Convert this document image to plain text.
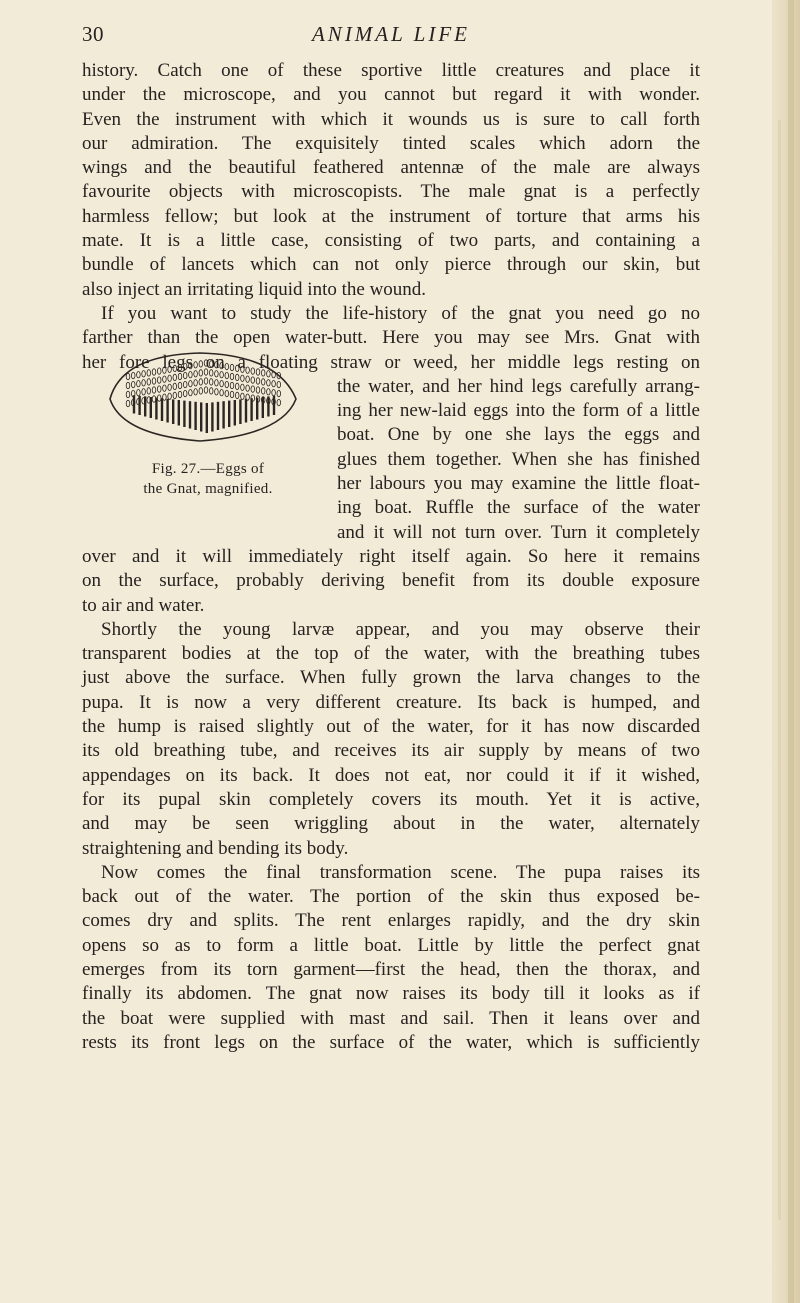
30	ANIMAL LIFE
Fig. 27.—Eggs of
the Gnat, magnified.
history. Catch one of these sportive little creatures and place it
under the microscope, and you cannot but regard it with wonder.
Even the instrument with which it wounds us is sure to call forth
our admiration. The exquisitely tinted scales which adorn the
wings and the beautiful feathered antennæ of the male are always
favourite objects with microscopists. The male gnat is a perfectly
harmless fellow; but look at the instrument of torture that arms his
mate. It is a little case, consisting of two parts, and containing a
bundle of lancets which can not only pierce through our skin, but
also inject an irritating liquid into the wound.
If you want to study the life-history of the gnat you need go no
farther than the open water-butt. Here you may see Mrs. Gnat with
her fore legs on a floating straw or weed, her middle legs resting on
the water, and her hind legs carefully arrang-
ing her new-laid eggs into the form of a little
boat. One by one she lays the eggs and
glues them together. When she has finished
her labours you may examine the little float-
ing boat. Ruffle the surface of the water
and it will not turn over. Turn it completely
over and it will immediately right itself again. So here it remains
on the surface, probably deriving benefit from its double exposure
to air and water.
Shortly the young larvæ appear, and you may observe their
transparent bodies at the top of the water, with the breathing tubes
just above the surface. When fully grown the larva changes to the
pupa. It is now a very different creature. Its back is humped, and
the hump is raised slightly out of the water, for it has now discarded
its old breathing tube, and receives its air supply by means of two
appendages on its back. It does not eat, nor could it if it wished,
for its pupal skin completely covers its mouth. Yet it is active,
and may be seen wriggling about in the water, alternately
straightening and bending its body.
Now comes the final transformation scene. The pupa raises its
back out of the water. The portion of the skin thus exposed be-
comes dry and splits. The rent enlarges rapidly, and the dry skin
opens so as to form a little boat. Little by little the perfect gnat
emerges from its torn garment—first the head, then the thorax, and
finally its abdomen. The gnat now raises its body till it looks as if
the boat were supplied with mast and sail. Then it leans over and
rests its front legs on the surface of the water, which is sufficiently
